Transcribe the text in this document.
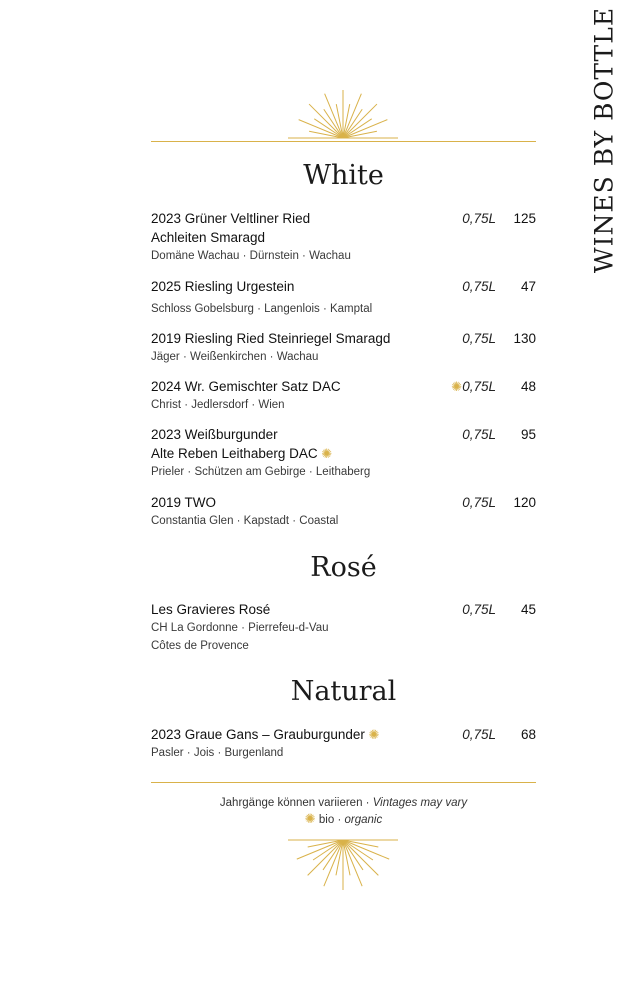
WINES BY BOTTLE
White
2023 Grüner Veltliner Ried
Achleiten Smaragd
Domäne Wachau · Dürnstein · Wachau
0,75L 125
2025 Riesling Urgestein
Schloss Gobelsburg · Langenlois · Kamptal
0,75L 47
2019 Riesling Ried Steinriegel Smaragd
Jäger · Weißenkirchen · Wachau
0,75L 130
2024 Wr. Gemischter Satz DAC
Christ · Jedlersdorf · Wien
✺0,75L 48
2023 Weißburgunder
Alte Reben Leithaberg DAC ✺
Prieler · Schützen am Gebirge · Leithaberg
0,75L 95
2019 TWO
Constantia Glen · Kapstadt · Coastal
0,75L 120
Rosé
Les Gravieres Rosé
CH La Gordonne · Pierrefeu-d-Vau
Côtes de Provence
0,75L 45
Natural
2023 Graue Gans – Grauburgunder ✺
Pasler · Jois · Burgenland
0,75L 68
Jahrgänge können variieren · Vintages may vary
✺ bio · organic
